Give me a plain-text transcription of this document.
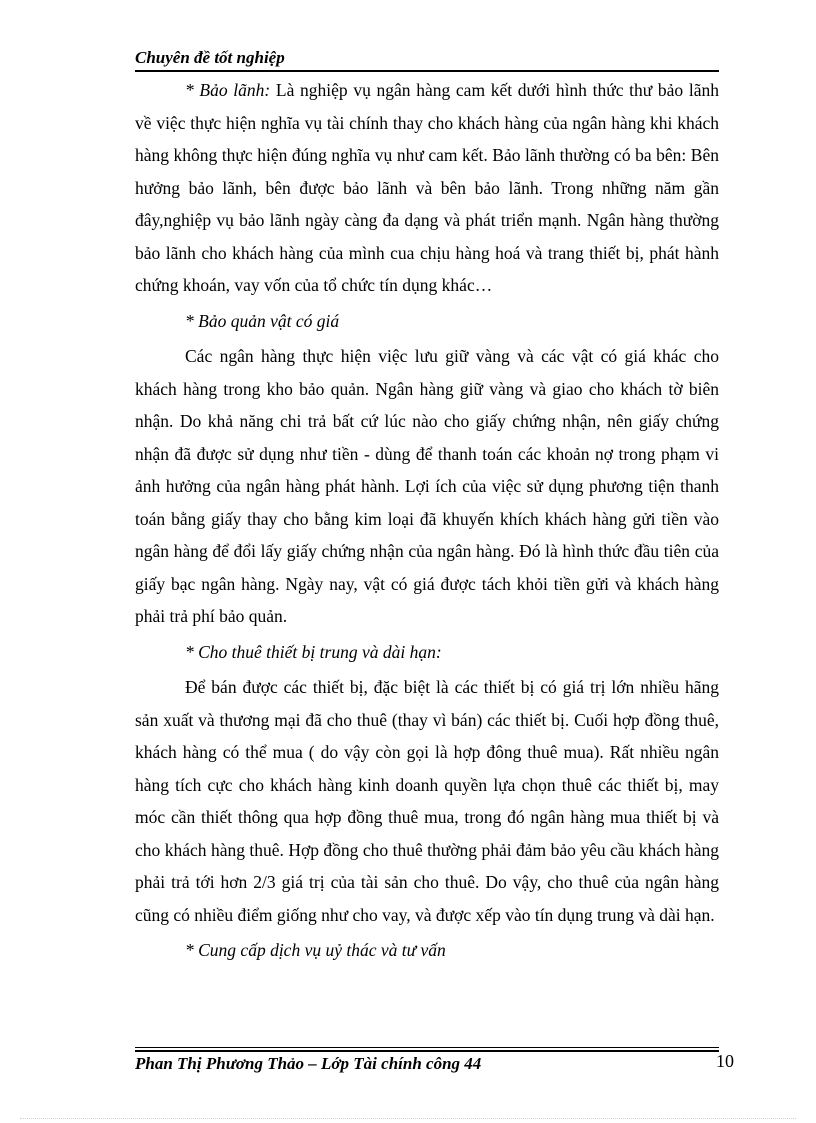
Chuyên đề tốt nghiệp

* Bảo lãnh: Là nghiệp vụ ngân hàng cam kết dưới hình thức thư bảo lãnh về việc thực hiện nghĩa vụ tài chính thay cho khách hàng của ngân hàng khi khách hàng không thực hiện đúng nghĩa vụ như cam kết. Bảo lãnh thường có ba bên: Bên hưởng bảo lãnh, bên được bảo lãnh và bên bảo lãnh. Trong những năm gần đây,nghiệp vụ bảo lãnh ngày càng đa dạng và phát triển mạnh. Ngân hàng thường bảo lãnh cho khách hàng của mình cua chịu hàng hoá và trang thiết bị, phát hành chứng khoán, vay vốn của tổ chức tín dụng khác…

* Bảo quản vật có giá

Các ngân hàng thực hiện việc lưu giữ vàng và các vật có giá khác cho khách hàng trong kho bảo quản. Ngân hàng giữ vàng và giao cho khách tờ biên nhận. Do khả năng chi trả bất cứ lúc nào cho giấy chứng nhận, nên giấy chứng nhận đã được sử dụng như tiền - dùng để thanh toán các khoản nợ trong phạm vi ảnh hưởng của ngân hàng phát hành. Lợi ích của việc sử dụng phương tiện thanh toán bằng giấy thay cho bằng kim loại đã khuyến khích khách hàng gửi tiền vào ngân hàng để đổi lấy giấy chứng nhận của ngân hàng. Đó là hình thức đầu tiên của giấy bạc ngân hàng. Ngày nay, vật có giá được tách khỏi tiền gửi và khách hàng phải trả phí bảo quản.

* Cho thuê thiết bị trung và dài hạn:

Để bán được các thiết bị, đặc biệt là các thiết bị có giá trị lớn nhiều hãng sản xuất và thương mại đã cho thuê (thay vì bán) các thiết bị. Cuối hợp đồng thuê, khách hàng có thể mua ( do vậy còn gọi là hợp đông thuê mua). Rất nhiều ngân hàng tích cực cho khách hàng kinh doanh quyền lựa chọn thuê các thiết bị, may móc cần thiết thông qua hợp đồng thuê mua, trong đó ngân hàng mua thiết bị và cho khách hàng thuê. Hợp đồng cho thuê thường phải đảm bảo yêu cầu khách hàng phải trả tới hơn 2/3 giá trị của tài sản cho thuê. Do vậy, cho thuê của ngân hàng cũng có nhiều điểm giống như cho vay, và được xếp vào tín dụng trung và dài hạn.

* Cung cấp dịch vụ uỷ thác và tư vấn

Phan Thị Phương Thảo – Lớp Tài chính công 44	10
